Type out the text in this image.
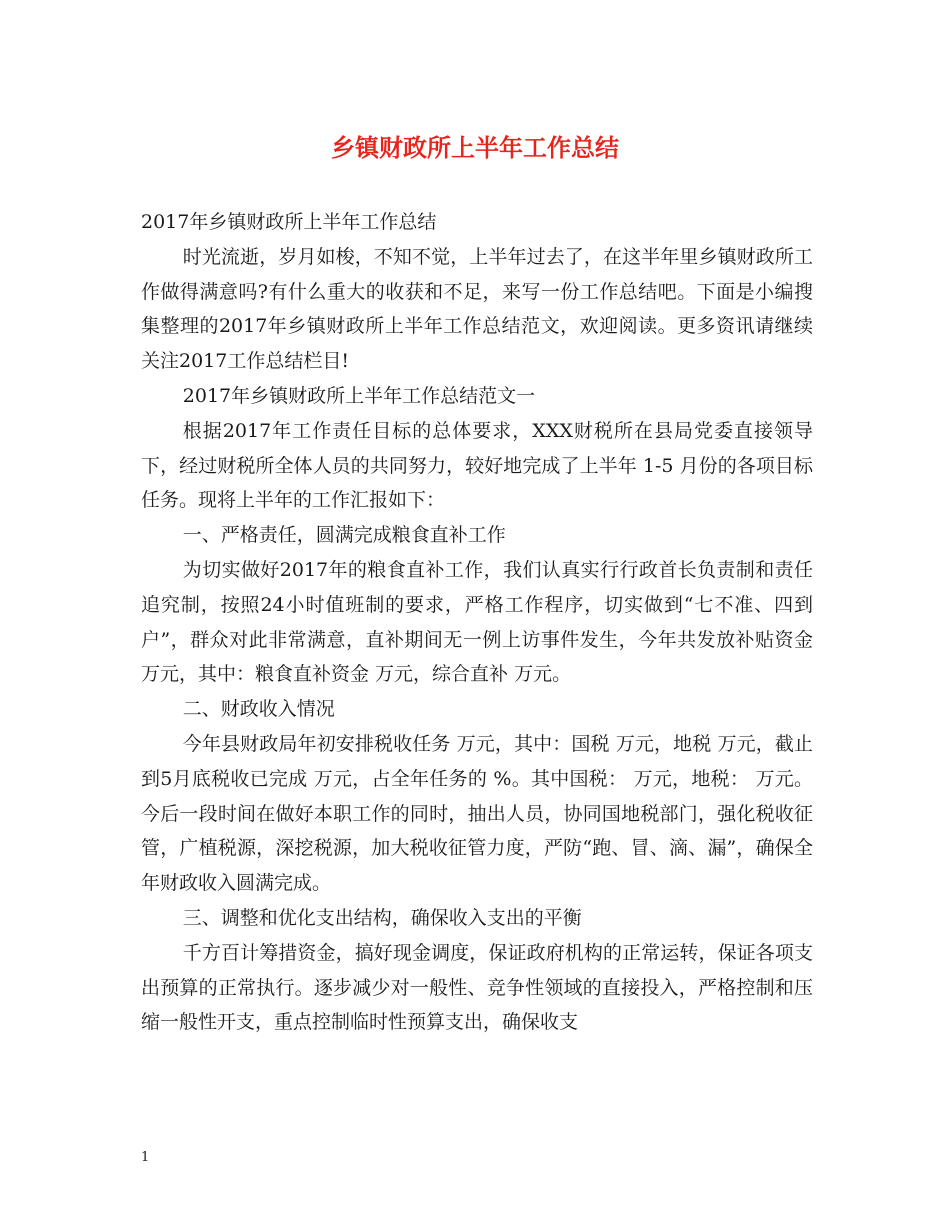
乡镇财政所上半年工作总结

2017年乡镇财政所上半年工作总结

时光流逝，岁月如梭，不知不觉，上半年过去了，在这半年里乡镇财政所工作做得满意吗?有什么重大的收获和不足，来写一份工作总结吧。下面是小编搜集整理的2017年乡镇财政所上半年工作总结范文，欢迎阅读。更多资讯请继续关注2017工作总结栏目!

2017年乡镇财政所上半年工作总结范文一

根据2017年工作责任目标的总体要求，XXX财税所在县局党委直接领导下，经过财税所全体人员的共同努力，较好地完成了上半年 1-5 月份的各项目标任务。现将上半年的工作汇报如下：

一、严格责任，圆满完成粮食直补工作

为切实做好2017年的粮食直补工作，我们认真实行行政首长负责制和责任追究制，按照24小时值班制的要求，严格工作程序，切实做到“七不准、四到户”，群众对此非常满意，直补期间无一例上访事件发生，今年共发放补贴资金 万元，其中：粮食直补资金 万元，综合直补 万元。

二、财政收入情况

今年县财政局年初安排税收任务 万元，其中：国税 万元，地税 万元，截止到5月底税收已完成 万元，占全年任务的 %。其中国税： 万元，地税： 万元。今后一段时间在做好本职工作的同时，抽出人员，协同国地税部门，强化税收征管，广植税源，深挖税源，加大税收征管力度，严防“跑、冒、滴、漏”，确保全年财政收入圆满完成。

三、调整和优化支出结构，确保收入支出的平衡

千方百计筹措资金，搞好现金调度，保证政府机构的正常运转，保证各项支出预算的正常执行。逐步减少对一般性、竞争性领域的直接投入，严格控制和压缩一般性开支，重点控制临时性预算支出，确保收支

1
